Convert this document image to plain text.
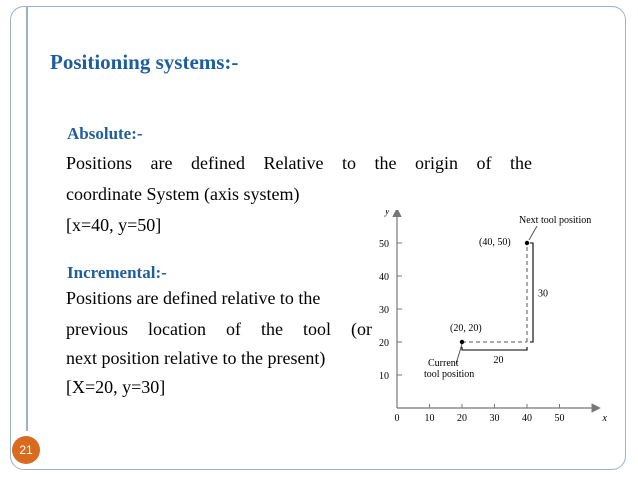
Positioning systems:-
Absolute:-
Positions are defined Relative to the origin of the
coordinate System (axis system)
[x=40, y=50]
Incremental:-
Positions are defined relative to the
previous location of the tool (or
next position relative to the present)
[X=20, y=30]
x
y
0	10 20 30 40 50
10
20
30
40
50
(20, 20)
(40, 50)
Current
tool position
Next tool position
20
30
21
